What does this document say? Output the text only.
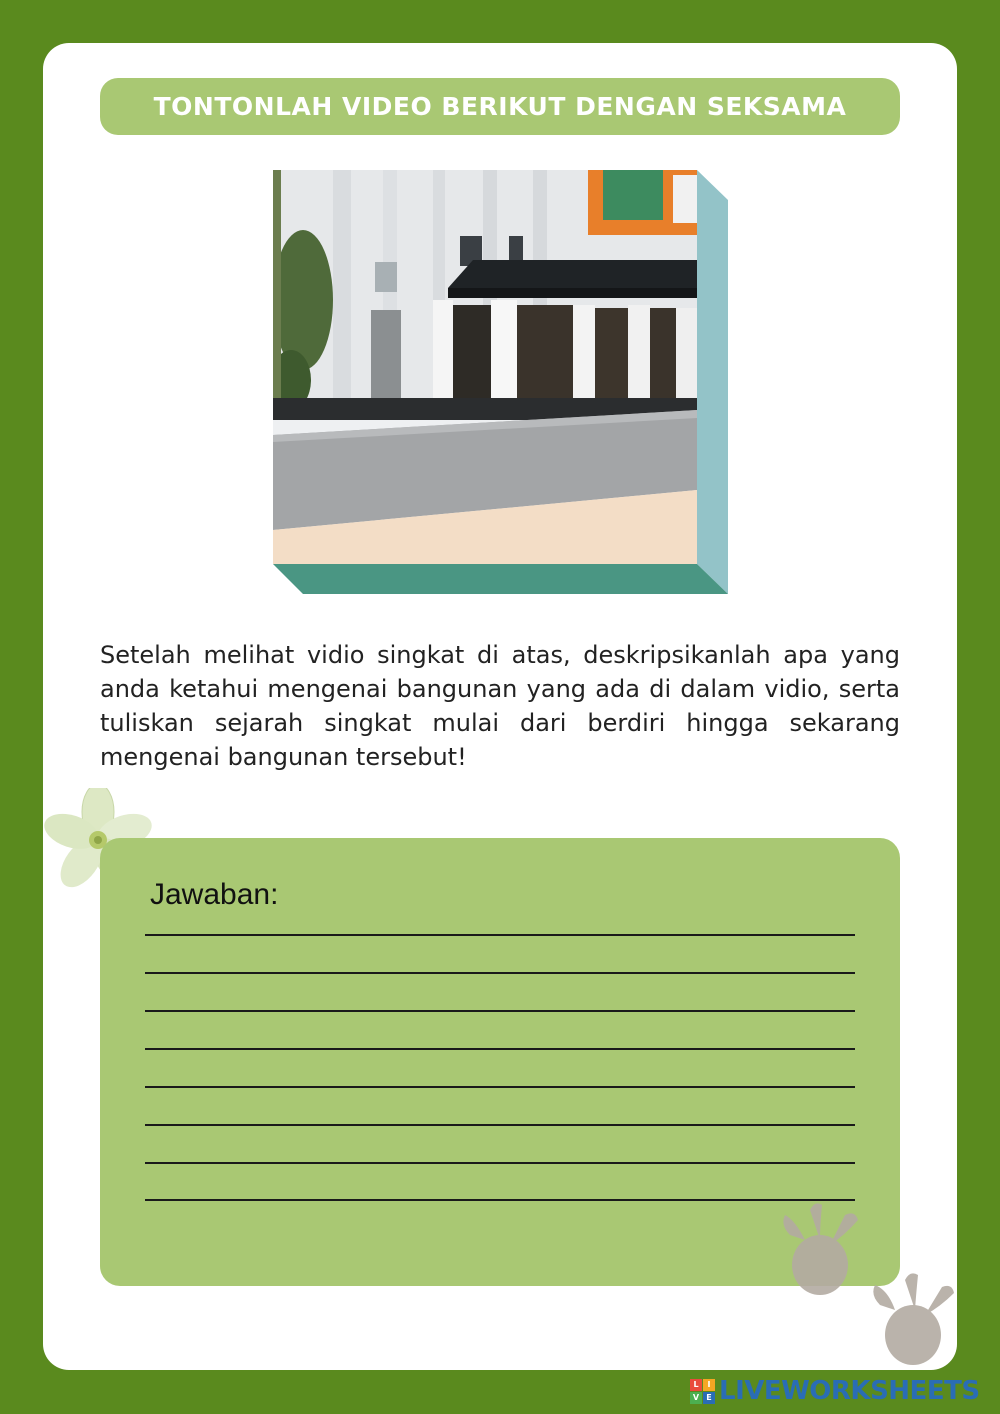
TONTONLAH VIDEO BERIKUT DENGAN SEKSAMA

Setelah melihat vidio singkat di atas, deskripsikanlah apa yang anda ketahui mengenai bangunan yang ada di dalam vidio, serta tuliskan sejarah singkat mulai dari berdiri hingga sekarang mengenai bangunan tersebut!

Jawaban:
L	I
V E LIVEWORKSHEETS
